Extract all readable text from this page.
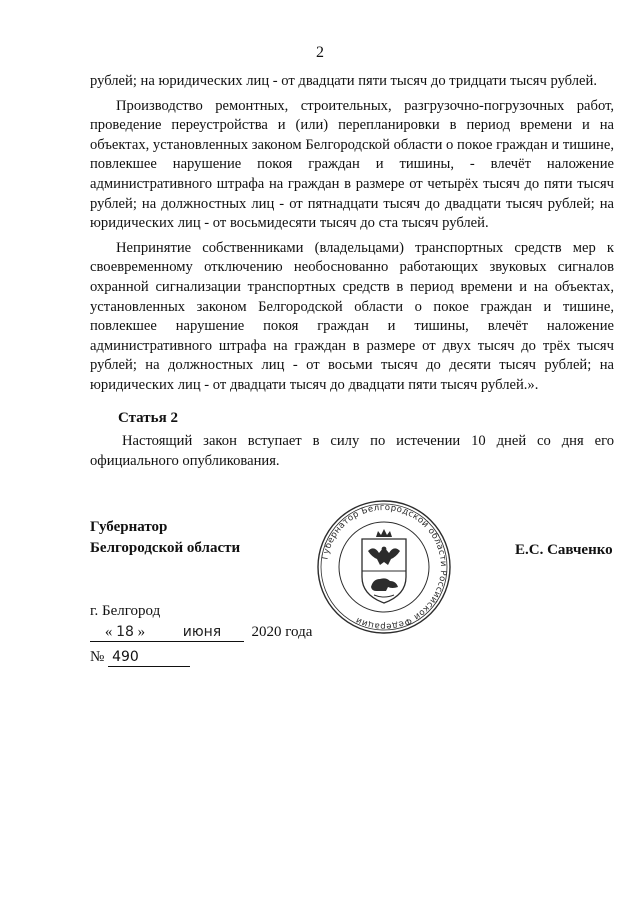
2

рублей; на юридических лиц - от двадцати пяти тысяч до тридцати тысяч рублей.

Производство ремонтных, строительных, разгрузочно-погрузочных работ, проведение переустройства и (или) перепланировки в период времени и на объектах, установленных законом Белгородской области о покое граждан и тишине, повлекшее нарушение покоя граждан и тишины, - влечёт наложение административного штрафа на граждан в размере от четырёх тысяч до пяти тысяч рублей; на должностных лиц - от пятнадцати тысяч до двадцати тысяч рублей; на юридических лиц - от восьмидесяти тысяч до ста тысяч рублей.

Непринятие собственниками (владельцами) транспортных средств мер к своевременному отключению необоснованно работающих звуковых сигналов охранной сигнализации транспортных средств в период времени и на объектах, установленных законом Белгородской области о покое граждан и тишине, повлекшее нарушение покоя граждан и тишины, влечёт наложение административного штрафа на граждан в размере от двух тысяч до трёх тысяч рублей; на должностных лиц - от восьми тысяч до десяти тысяч рублей; на юридических лиц - от двадцати тысяч до двадцати пяти тысяч рублей.».

Статья 2

Настоящий закон вступает в силу по истечении 10 дней со дня его официального опубликования.

Губернатор
Белгородской области
Губернатор Белгородской области Российской Федерации
Е.С. Савченко
г. Белгород
« 18 »	июня 2020 года
№ 490
